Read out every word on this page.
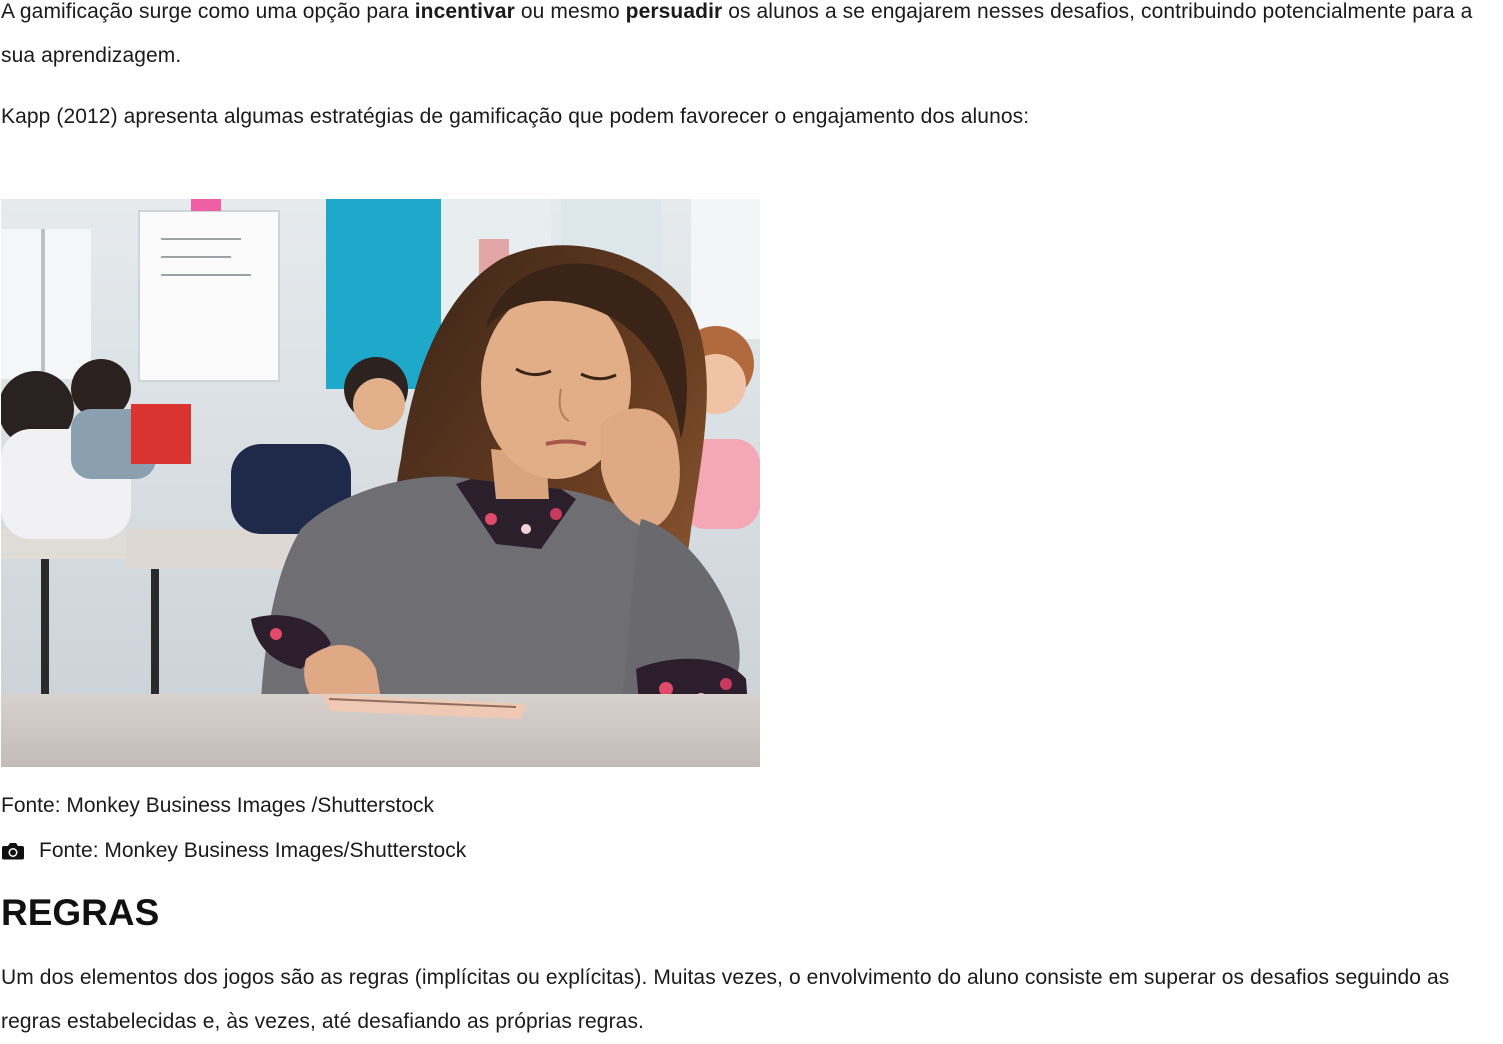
A gamificação surge como uma opção para incentivar ou mesmo persuadir os alunos a se engajarem nesses desafios, contribuindo potencialmente para a sua aprendizagem.

Kapp (2012) apresenta algumas estratégias de gamificação que podem favorecer o engajamento dos alunos:

Fonte: Monkey Business Images /Shutterstock

Fonte: Monkey Business Images/Shutterstock
REGRAS

Um dos elementos dos jogos são as regras (implícitas ou explícitas). Muitas vezes, o envolvimento do aluno consiste em superar os desafios seguindo as regras estabelecidas e, às vezes, até desafiando as próprias regras.
